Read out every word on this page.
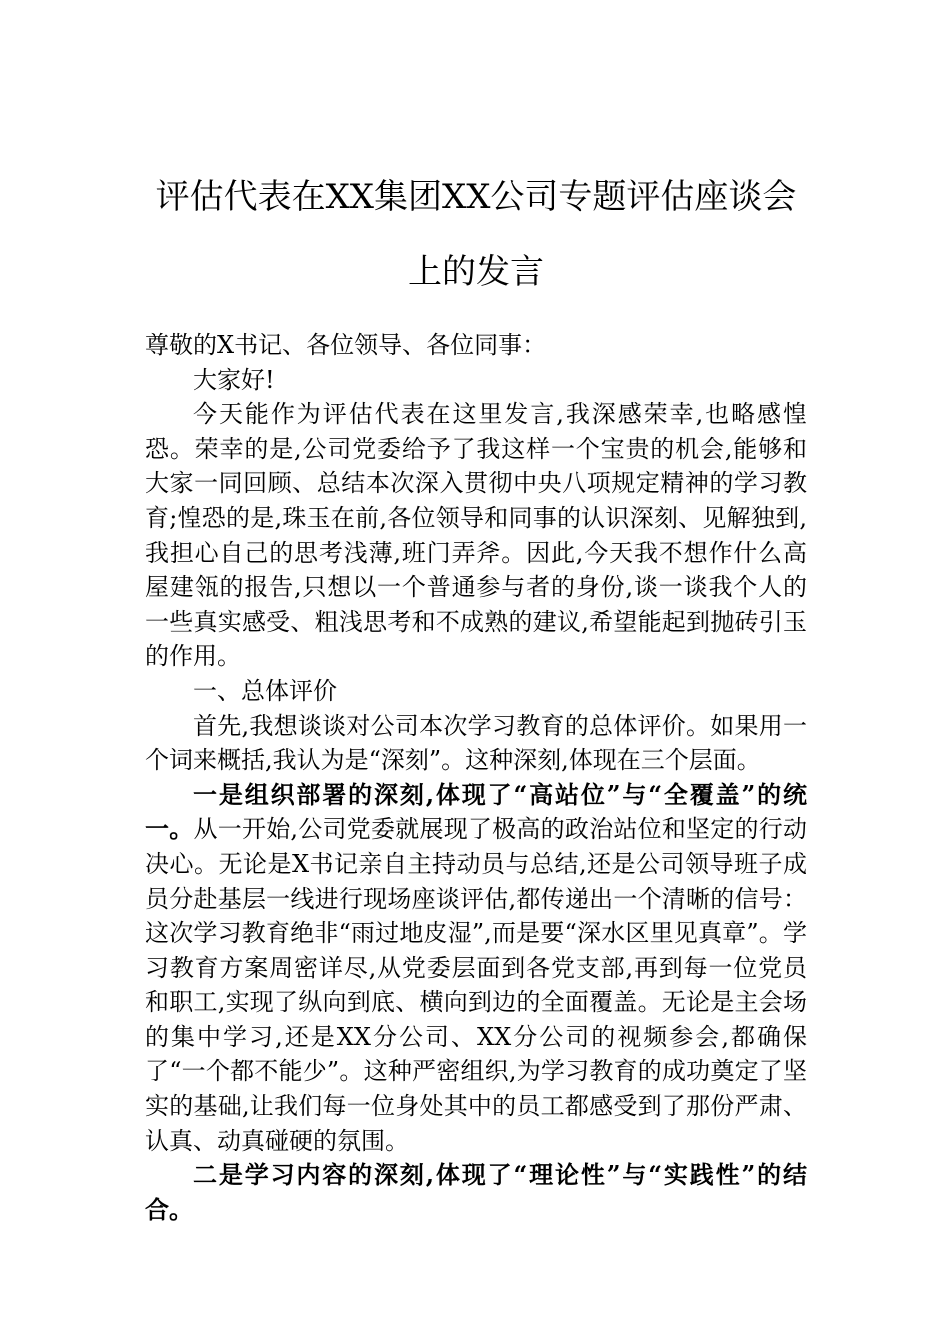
评估代表在XX集团XX公司专题评估座谈会上的发言

尊敬的X书记、各位领导、各位同事：

大家好!

今天能作为评估代表在这里发言,我深感荣幸,也略感惶恐。荣幸的是,公司党委给予了我这样一个宝贵的机会,能够和大家一同回顾、总结本次深入贯彻中央八项规定精神的学习教育;惶恐的是,珠玉在前,各位领导和同事的认识深刻、见解独到,我担心自己的思考浅薄,班门弄斧。因此,今天我不想作什么高屋建瓴的报告,只想以一个普通参与者的身份,谈一谈我个人的一些真实感受、粗浅思考和不成熟的建议,希望能起到抛砖引玉的作用。

一、总体评价

首先,我想谈谈对公司本次学习教育的总体评价。如果用一个词来概括,我认为是“深刻”。这种深刻,体现在三个层面。

一是组织部署的深刻,体现了“高站位”与“全覆盖”的统一。从一开始,公司党委就展现了极高的政治站位和坚定的行动决心。无论是X书记亲自主持动员与总结,还是公司领导班子成员分赴基层一线进行现场座谈评估,都传递出一个清晰的信号：这次学习教育绝非“雨过地皮湿”,而是要“深水区里见真章”。学习教育方案周密详尽,从党委层面到各党支部,再到每一位党员和职工,实现了纵向到底、横向到边的全面覆盖。无论是主会场的集中学习,还是XX分公司、XX分公司的视频参会,都确保了“一个都不能少”。这种严密组织,为学习教育的成功奠定了坚实的基础,让我们每一位身处其中的员工都感受到了那份严肃、认真、动真碰硬的氛围。

二是学习内容的深刻,体现了“理论性”与“实践性”的结合。
